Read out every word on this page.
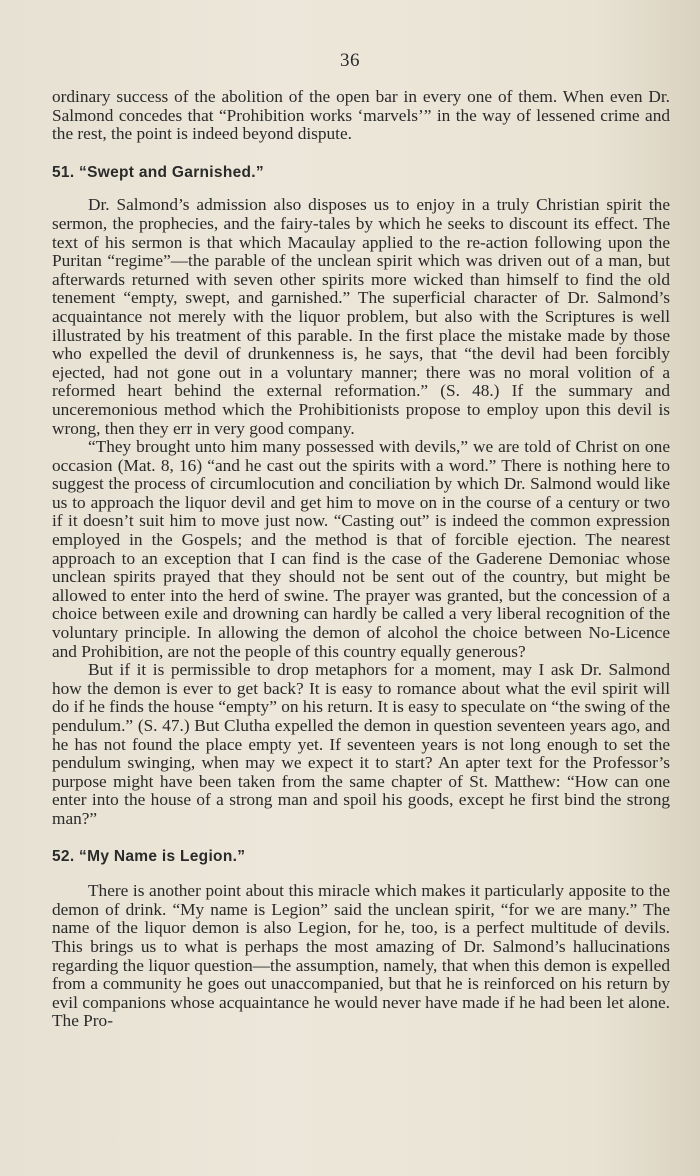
36

ordinary success of the abolition of the open bar in every one of them. When even Dr. Salmond concedes that “Prohibition works ‘marvels’” in the way of lessened crime and the rest, the point is indeed beyond dispute.

51. “Swept and Garnished.”

Dr. Salmond’s admission also disposes us to enjoy in a truly Christian spirit the sermon, the prophecies, and the fairy-tales by which he seeks to discount its effect. The text of his sermon is that which Macaulay applied to the re-action following upon the Puritan “regime”—the parable of the unclean spirit which was driven out of a man, but afterwards returned with seven other spirits more wicked than himself to find the old tenement “empty, swept, and garnished.” The superficial character of Dr. Salmond’s acquaintance not merely with the liquor problem, but also with the Scriptures is well illustrated by his treatment of this parable. In the first place the mistake made by those who expelled the devil of drunkenness is, he says, that “the devil had been forcibly ejected, had not gone out in a voluntary manner; there was no moral volition of a reformed heart behind the external reformation.” (S. 48.) If the summary and unceremonious method which the Prohibitionists propose to employ upon this devil is wrong, then they err in very good company.

“They brought unto him many possessed with devils,” we are told of Christ on one occasion (Mat. 8, 16) “and he cast out the spirits with a word.” There is nothing here to suggest the process of circumlocution and conciliation by which Dr. Salmond would like us to approach the liquor devil and get him to move on in the course of a century or two if it doesn’t suit him to move just now. “Casting out” is indeed the common expression employed in the Gospels; and the method is that of forcible ejection. The nearest approach to an exception that I can find is the case of the Gaderene Demoniac whose unclean spirits prayed that they should not be sent out of the country, but might be allowed to enter into the herd of swine. The prayer was granted, but the concession of a choice between exile and drowning can hardly be called a very liberal recognition of the voluntary principle. In allowing the demon of alcohol the choice between No-Licence and Prohibition, are not the people of this country equally generous?

But if it is permissible to drop metaphors for a moment, may I ask Dr. Salmond how the demon is ever to get back? It is easy to romance about what the evil spirit will do if he finds the house “empty” on his return. It is easy to speculate on “the swing of the pendulum.” (S. 47.) But Clutha expelled the demon in question seventeen years ago, and he has not found the place empty yet. If seventeen years is not long enough to set the pendulum swinging, when may we expect it to start? An apter text for the Professor’s purpose might have been taken from the same chapter of St. Matthew: “How can one enter into the house of a strong man and spoil his goods, except he first bind the strong man?”

52. “My Name is Legion.”

There is another point about this miracle which makes it particularly apposite to the demon of drink. “My name is Legion” said the unclean spirit, “for we are many.” The name of the liquor demon is also Legion, for he, too, is a perfect multitude of devils. This brings us to what is perhaps the most amazing of Dr. Salmond’s hallucinations regarding the liquor question—the assumption, namely, that when this demon is expelled from a community he goes out unaccompanied, but that he is reinforced on his return by evil companions whose acquaintance he would never have made if he had been let alone. The Pro-
